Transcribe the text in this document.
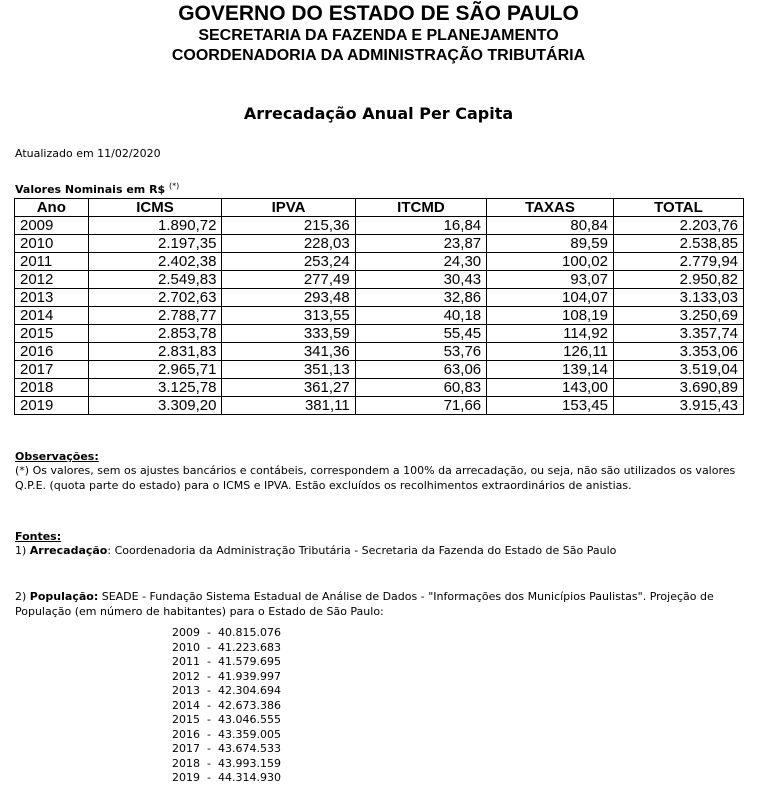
GOVERNO DO ESTADO DE SÃO PAULO
SECRETARIA DA FAZENDA E PLANEJAMENTO
COORDENADORIA DA ADMINISTRAÇÃO TRIBUTÁRIA
Arrecadação Anual Per Capita
Atualizado em 11/02/2020
Valores Nominais em R$ (*)
Ano	ICMS	IPVA	ITCMD	TAXAS	TOTAL
2009	1.890,72	215,36	16,84	80,84	2.203,76
2010	2.197,35	228,03	23,87	89,59	2.538,85
2011	2.402,38	253,24	24,30	100,02	2.779,94
2012	2.549,83	277,49	30,43	93,07	2.950,82
2013	2.702,63	293,48	32,86	104,07	3.133,03
2014	2.788,77	313,55	40,18	108,19	3.250,69
2015	2.853,78	333,59	55,45	114,92	3.357,74
2016	2.831,83	341,36	53,76	126,11	3.353,06
2017	2.965,71	351,13	63,06	139,14	3.519,04
2018	3.125,78	361,27	60,83	143,00	3.690,89
2019	3.309,20	381,11	71,66	153,45	3.915,43
Observações:
(*) Os valores, sem os ajustes bancários e contábeis, correspondem a 100% da arrecadação, ou seja, não são utilizados os valores Q.P.E. (quota parte do estado) para o ICMS e IPVA. Estão excluídos os recolhimentos extraordinários de anistias.
Fontes:
1) Arrecadação: Coordenadoria da Administração Tributária - Secretaria da Fazenda do Estado de São Paulo
2) População: SEADE - Fundação Sistema Estadual de Análise de Dados - "Informações dos Municípios Paulistas". Projeção de População (em número de habitantes) para o Estado de São Paulo:
2009  -  40.815.076
2010  -  41.223.683
2011  -  41.579.695
2012  -  41.939.997
2013  -  42.304.694
2014  -  42.673.386
2015  -  43.046.555
2016  -  43.359.005
2017  -  43.674.533
2018  -  43.993.159
2019  -  44.314.930
